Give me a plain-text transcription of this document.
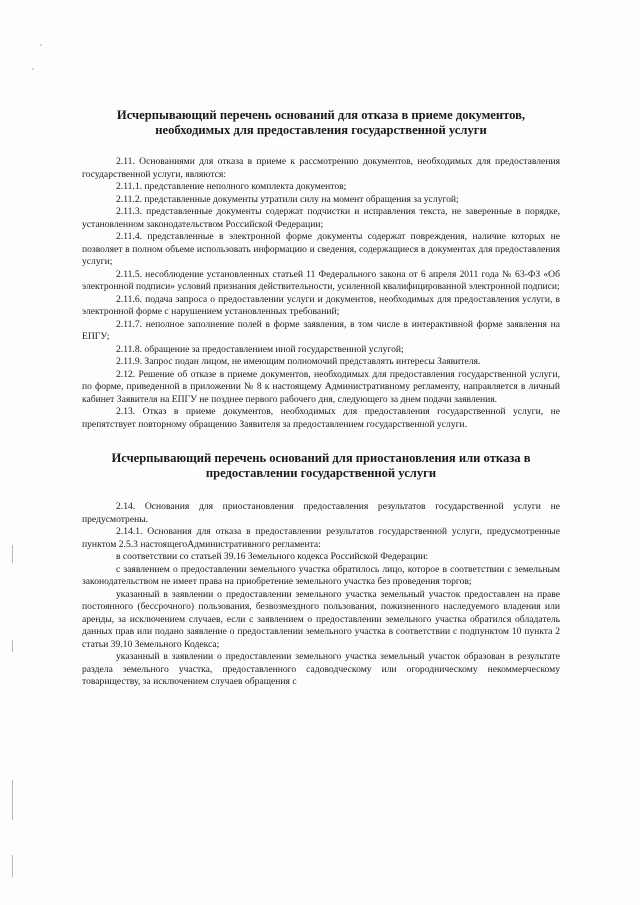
Исчерпывающий перечень оснований для отказа в приеме документов,
необходимых для предоставления государственной услуги

2.11. Основаниями для отказа в приеме к рассмотрению документов, необходимых для предоставления государственной услуги, являются:

2.11.1. представление неполного комплекта документов;

2.11.2. представленные документы утратили силу на момент обращения за услугой;

2.11.3. представленные документы содержат подчистки и исправления текста, не заверенные в порядке, установленном законодательством Российской Федерации;

2.11.4. представленные в электронной форме документы содержат повреждения, наличие которых не позволяет в полном объеме использовать информацию и сведения, содержащиеся в документах для предоставления услуги;

2.11.5. несоблюдение установленных статьей 11 Федерального закона от 6 апреля 2011 года № 63-ФЗ «Об электронной подписи» условий признания действительности, усиленной квалифицированной электронной подписи;

2.11.6. подача запроса о предоставлении услуги и документов, необходимых для предоставления услуги, в электронной форме с нарушением установленных требований;

2.11.7. неполное заполнение полей в форме заявления, в том числе в интерактивной форме заявления на ЕПГУ;

2.11.8. обращение за предоставлением иной государственной услугой;

2.11.9. Запрос подан лицом, не имеющим полномочий представлять интересы Заявителя.

2.12. Решение об отказе в приеме документов, необходимых для предоставления государственной услуги, по форме, приведенной в приложении № 8 к настоящему Административному регламенту, направляется в личный кабинет Заявителя на ЕПГУ не позднее первого рабочего дня, следующего за днем подачи заявления.

2.13. Отказ в приеме документов, необходимых для предоставления государственной услуги, не препятствует повторному обращению Заявителя за предоставлением государственной услуги.

Исчерпывающий перечень оснований для приостановления или отказа в
предоставлении государственной услуги

2.14. Основания для приостановления предоставления результатов государственной услуги не предусмотрены.

2.14.1. Основания для отказа в предоставлении результатов государственной услуги, предусмотренные пунктом 2.5.3 настоящегоАдминистративного регламента:

в соответствии со статьей 39.16 Земельного кодекса Российской Федерации:

с заявлением о предоставлении земельного участка обратилось лицо, которое в соответствии с земельным законодательством не имеет права на приобретение земельного участка без проведения торгов;

указанный в заявлении о предоставлении земельного участка земельный участок предоставлен на праве постоянного (бессрочного) пользования, безвозмездного пользования, пожизненного наследуемого владения или аренды, за исключением случаев, если с заявлением о предоставлении земельного участка обратился обладатель данных прав или подано заявление о предоставлении земельного участка в соответствии с подпунктом 10 пункта 2 статьи 39.10 Земельного Кодекса;

указанный в заявлении о предоставлении земельного участка земельный участок образован в результате раздела земельного участка, предоставленного садоводческому или огородническому некоммерческому товариществу, за исключением случаев обращения с
